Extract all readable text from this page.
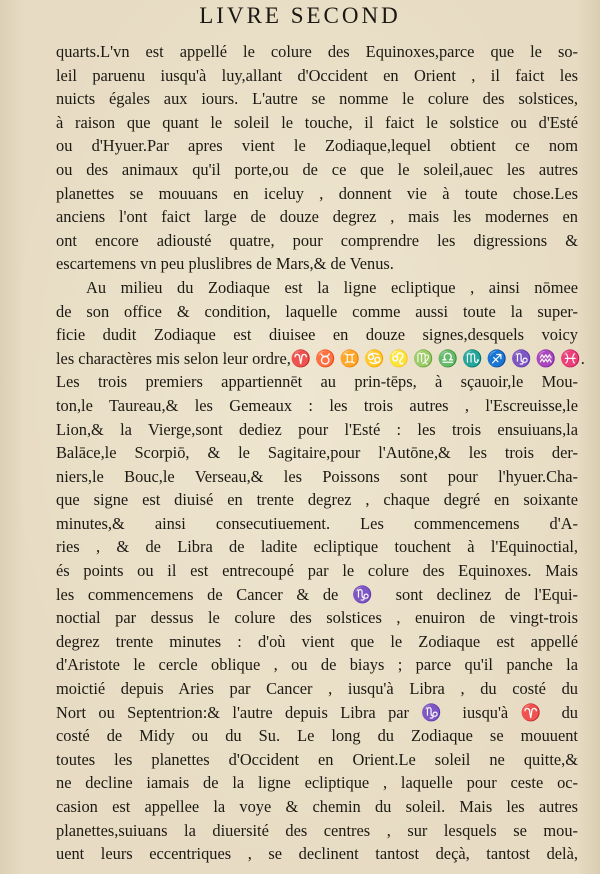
LIVRE SECOND
quarts.L'vn est appellé le colure des Equinoxes,parce que le so-
leil paruenu iusqu'à luy,allant d'Occident en Orient , il faict les
nuicts égales aux iours. L'autre se nomme le colure des solstices,
à raison que quant le soleil le touche, il faict le solstice ou d'Esté
ou d'Hyuer.Par apres vient le Zodiaque,lequel obtient ce nom
ou des animaux qu'il porte,ou de ce que le soleil,auec les autres
planettes se mouuans en iceluy , donnent vie à toute chose.Les
anciens l'ont faict large de douze degrez , mais les modernes en
ont encore adiousté quatre, pour comprendre les digressions &
escartemens vn peu pluslibres de Mars,& de Venus.
Au milieu du Zodiaque est la ligne ecliptique , ainsi nōmee
de son office & condition, laquelle comme aussi toute la super-
ficie dudit Zodiaque est diuisee en douze signes,desquels voicy
les charactères mis selon leur ordre,♈ ♉ ♊ ♋ ♌ ♍ ♎ ♏ ♐ ♑ ♒ ♓.
Les trois premiers appartiennēt au prin-tēps, à sçauoir,le Mou-
ton,le Taureau,& les Gemeaux : les trois autres , l'Escreuisse,le
Lion,& la Vierge,sont dediez pour l'Esté : les trois ensuiuans,la
Balāce,le Scorpiō, & le Sagitaire,pour l'Autōne,& les trois der-
niers,le Bouc,le Verseau,& les Poissons sont pour l'hyuer.Cha-
que signe est diuisé en trente degrez , chaque degré en soixante
minutes,& ainsi consecutiuement. Les commencemens d'A-
ries , & de Libra de ladite ecliptique touchent à l'Equinoctial,
és points ou il est entrecoupé par le colure des Equinoxes. Mais
les commencemens de Cancer & de ♑ sont declinez de l'Equi-
noctial par dessus le colure des solstices , enuiron de vingt-trois
degrez trente minutes : d'où vient que le Zodiaque est appellé
d'Aristote le cercle oblique , ou de biays ; parce qu'il panche la
moictié depuis Aries par Cancer , iusqu'à Libra , du costé du
Nort ou Septentrion:& l'autre depuis Libra par ♑ iusqu'à ♈ du
costé de Midy ou du Su. Le long du Zodiaque se mouuent
toutes les planettes d'Occident en Orient.Le soleil ne quitte,&
ne decline iamais de la ligne ecliptique , laquelle pour ceste oc-
casion est appellee la voye & chemin du soleil. Mais les autres
planettes,suiuans la diuersité des centres , sur lesquels se mou-
uent leurs eccentriques , se declinent tantost deçà, tantost delà,
